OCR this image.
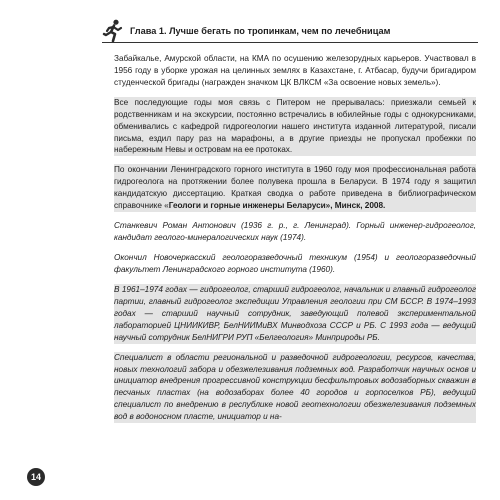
Глава 1. Лучше бегать по тропинкам, чем по лечебницам

Забайкалье, Амурской области, на КМА по осушению железорудных карьеров. Участвовал в 1956 году в уборке урожая на целинных землях в Казахстане, г. Атбасар, будучи бригадиром студенческой бригады (награжден значком ЦК ВЛКСМ «За освоение новых земель»).

Все последующие годы моя связь с Питером не прерывалась: приезжали семьей к родственникам и на экскурсии, постоянно встречались в юбилейные годы с однокурсниками, обменивались с кафедрой гидрогеологии нашего института изданной литературой, писали письма, ездил пару раз на марафоны, а в другие приезды не пропускал пробежки по набережным Невы и островам на ее протоках.

По окончании Ленинградского горного института в 1960 году моя профессиональная работа гидрогеолога на протяжении более полувека прошла в Беларуси. В 1974 году я защитил кандидатскую диссертацию. Краткая сводка о работе приведена в библиографическом справочнике «Геологи и горные инженеры Беларуси», Минск, 2008.

Станкевич Роман Антонович (1936 г. р., г. Ленинград). Горный инженер-гидрогеолог, кандидат геолого-минералогических наук (1974).

Окончил Новочеркасский геологоразведочный техникум (1954) и геологоразведочный факультет Ленинградского горного института (1960).

В 1961–1974 годах — гидрогеолог, старший гидрогеолог, начальник и главный гидрогеолог партии, главный гидрогеолог экспедиции Управления геологии при СМ БССР. В 1974–1993 годах — старший научный сотрудник, заведующий полевой экспериментальной лабораторией ЦНИИКИВР, БелНИИМиВХ Минводхоза СССР и РБ. С 1993 года — ведущий научный сотрудник БелНИГРИ РУП «Белгеология» Минприроды РБ.

Специалист в области региональной и разведочной гидрогеологии, ресурсов, качества, новых технологий забора и обезжелезивания подземных вод. Разработчик научных основ и инициатор внедрения прогрессивной конструкции бесфильтровых водозаборных скважин в песчаных пластах (на водозаборах более 40 городов и горпоселков РБ), ведущий специалист по внедрению в республике новой геотехнологии обезжелезивания подземных вод в водоносном пласте, инициатор и на-

14
